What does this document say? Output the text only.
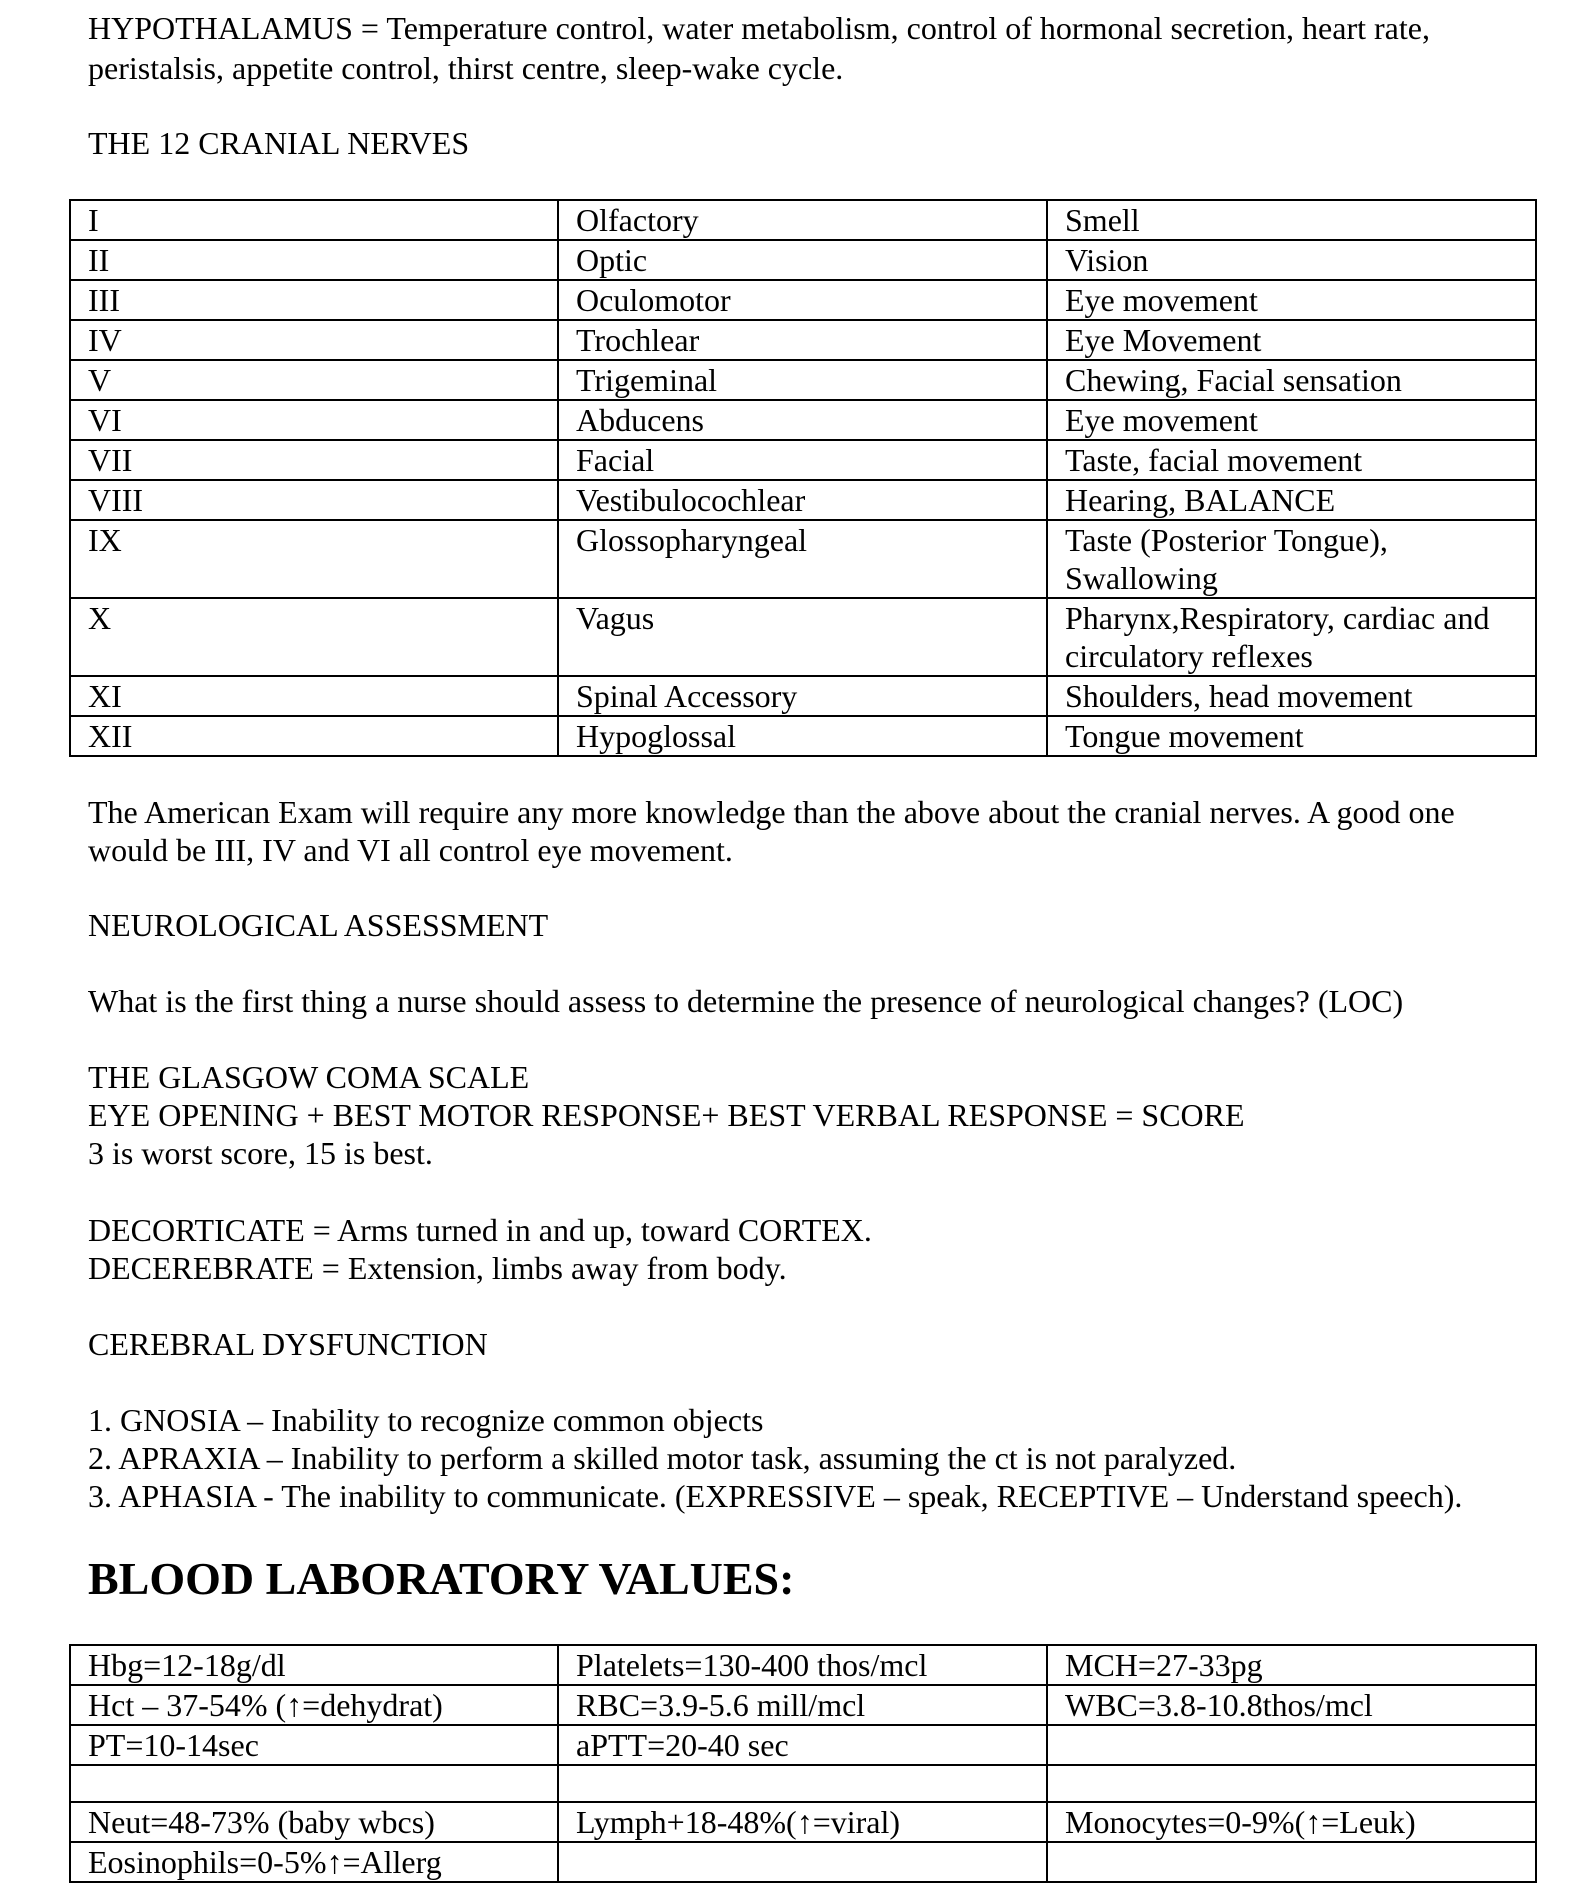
HYPOTHALAMUS = Temperature control, water metabolism, control of hormonal secretion, heart rate,
peristalsis, appetite control, thirst centre, sleep-wake cycle.
THE 12 CRANIAL NERVES
I	Olfactory	Smell
II	Optic	Vision
III	Oculomotor	Eye movement
IV	Trochlear	Eye Movement
V	Trigeminal	Chewing, Facial sensation
VI	Abducens	Eye movement
VII	Facial	Taste, facial movement
VIII	Vestibulocochlear	Hearing, BALANCE
IX	Glossopharyngeal	Taste (Posterior Tongue), Swallowing
X	Vagus	Pharynx,Respiratory, cardiac and circulatory reflexes
XI	Spinal Accessory	Shoulders, head movement
XII	Hypoglossal	Tongue movement
The American Exam will require any more knowledge than the above about the cranial nerves. A good one
would be III, IV and VI all control eye movement.
NEUROLOGICAL ASSESSMENT
What is the first thing a nurse should assess to determine the presence of neurological changes? (LOC)
THE GLASGOW COMA SCALE
EYE OPENING + BEST MOTOR RESPONSE+ BEST VERBAL RESPONSE = SCORE
3 is worst score, 15 is best.
DECORTICATE = Arms turned in and up, toward CORTEX.
DECEREBRATE = Extension, limbs away from body.
CEREBRAL DYSFUNCTION
1. GNOSIA – Inability to recognize common objects
2. APRAXIA – Inability to perform a skilled motor task, assuming the ct is not paralyzed.
3. APHASIA - The inability to communicate. (EXPRESSIVE – speak, RECEPTIVE – Understand speech).
BLOOD LABORATORY VALUES:
Hbg=12-18g/dl	Platelets=130-400 thos/mcl	MCH=27-33pg
Hct – 37-54% (↑=dehydrat)	RBC=3.9-5.6 mill/mcl	WBC=3.8-10.8thos/mcl
PT=10-14sec	aPTT=20-40 sec	

Neut=48-73% (baby wbcs)	Lymph+18-48%(↑=viral)	Monocytes=0-9%(↑=Leuk)
Eosinophils=0-5%↑=Allerg		
